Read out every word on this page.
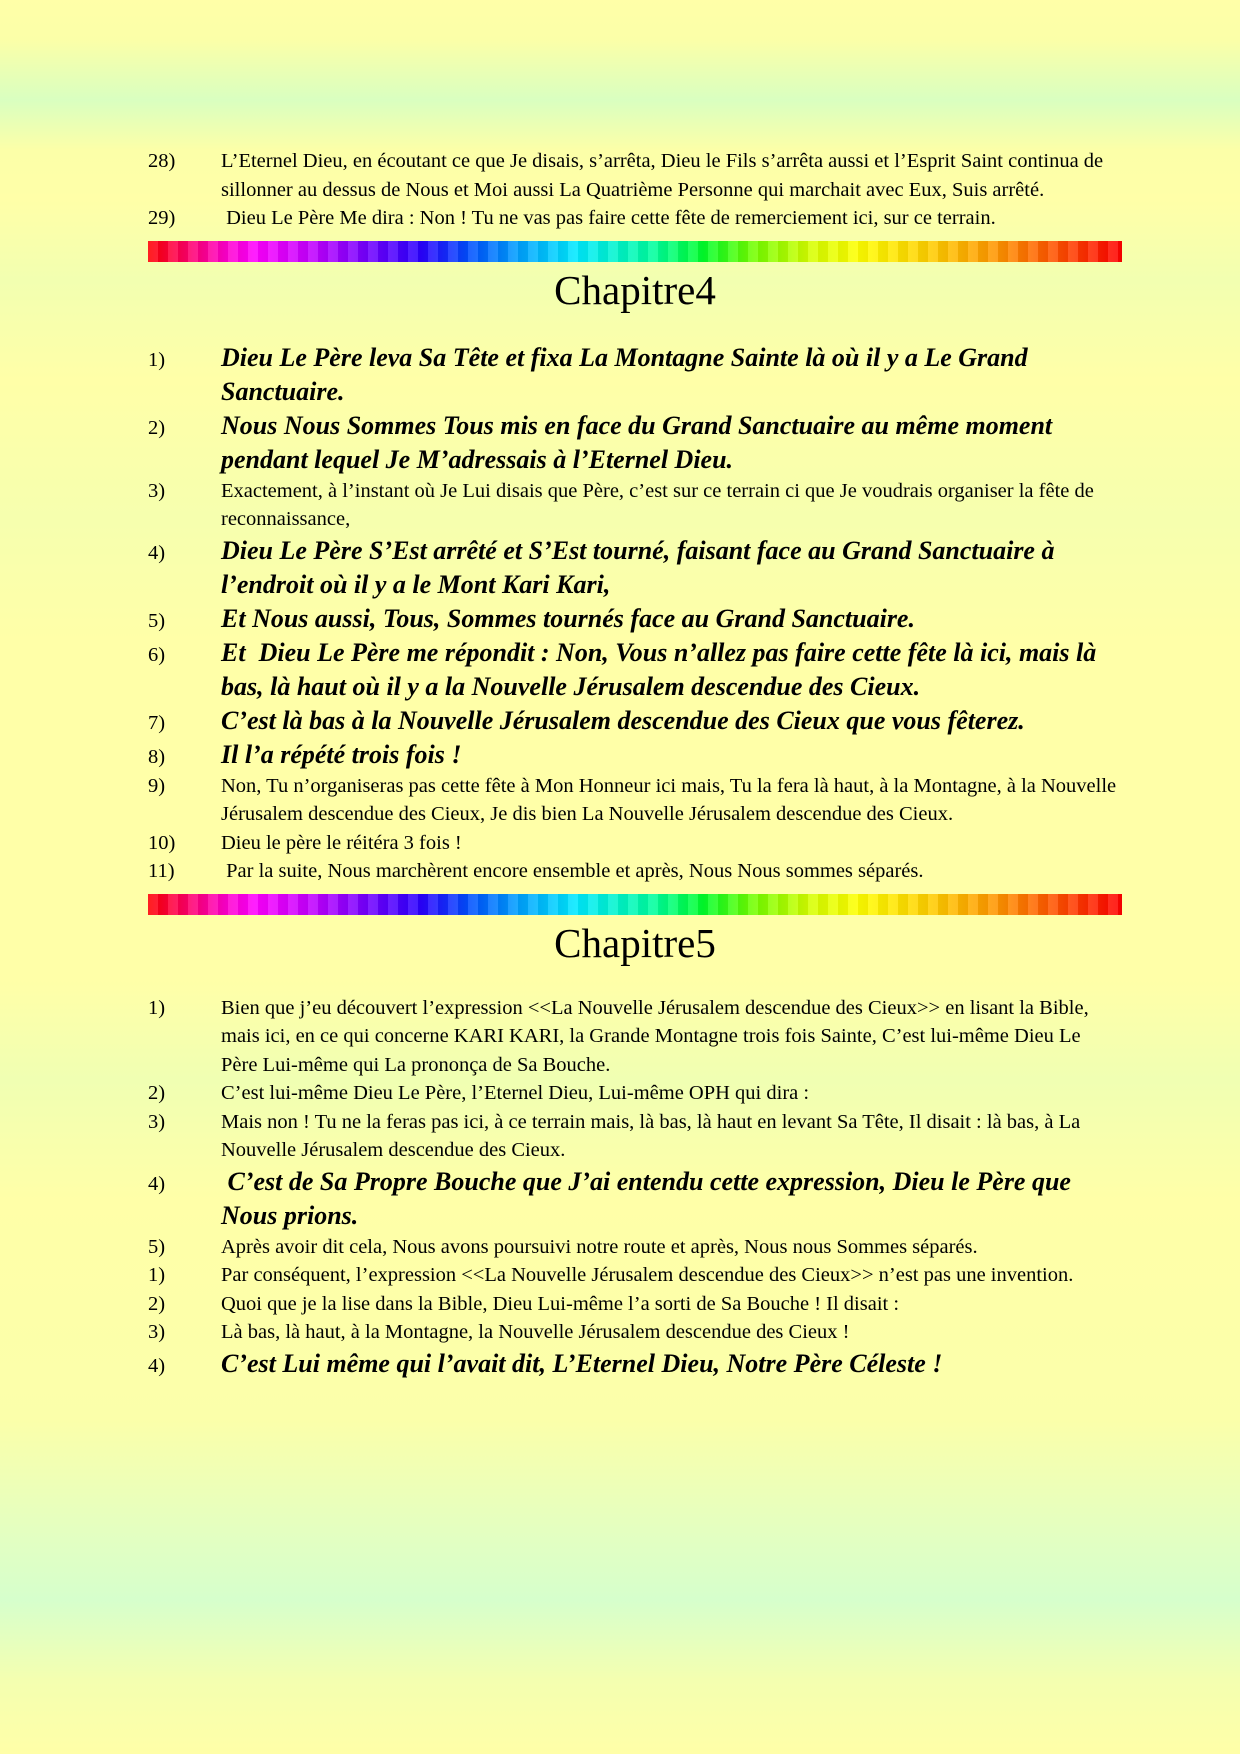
28) L’Eternel Dieu, en écoutant ce que Je disais, s’arrêta, Dieu le Fils s’arrêta aussi et l’Esprit Saint continua de sillonner au dessus de Nous et Moi aussi La Quatrième Personne qui marchait avec Eux, Suis arrêté.

29) Dieu Le Père Me dira : Non ! Tu ne vas pas faire cette fête de remerciement ici, sur ce terrain.

Chapitre4

1) Dieu Le Père leva Sa Tête et fixa La Montagne Sainte là où il y a Le Grand Sanctuaire.

2) Nous Nous Sommes Tous mis en face du Grand Sanctuaire au même moment pendant lequel Je M’adressais à l’Eternel Dieu.

3)	Exactement, à l’instant où Je Lui disais que Père, c’est sur ce terrain ci que Je voudrais organiser la fête de reconnaissance,

4) Dieu Le Père S’Est arrêté et S’Est tourné, faisant face au Grand Sanctuaire à l’endroit où il y a le Mont Kari Kari,

5) Et Nous aussi, Tous, Sommes tournés face au Grand Sanctuaire.

6) Et  Dieu Le Père me répondit : Non, Vous n’allez pas faire cette fête là ici, mais là bas, là haut où il y a la Nouvelle Jérusalem descendue des Cieux.

7) C’est là bas à la Nouvelle Jérusalem descendue des Cieux que vous fêterez.

8) Il l’a répété trois fois !

9)	Non, Tu n’organiseras pas cette fête à Mon Honneur ici mais, Tu la fera là haut, à la Montagne, à la Nouvelle Jérusalem descendue des Cieux, Je dis bien La Nouvelle Jérusalem descendue des Cieux.

10) Dieu le père le réitéra 3 fois !

11) Par la suite, Nous marchèrent encore ensemble et après, Nous Nous sommes séparés.

Chapitre5

1)	Bien que j’eu découvert l’expression <<La Nouvelle Jérusalem descendue des Cieux>> en lisant la Bible, mais ici, en ce qui concerne KARI KARI, la Grande Montagne trois fois Sainte, C’est lui-même Dieu Le Père Lui-même qui La prononça de Sa Bouche.

2)	C’est lui-même Dieu Le Père, l’Eternel Dieu, Lui-même OPH qui dira :

3)	Mais non ! Tu ne la feras pas ici, à ce terrain mais, là bas, là haut en levant Sa Tête, Il disait : là bas, à La Nouvelle Jérusalem descendue des Cieux.

4) C’est de Sa Propre Bouche que J’ai entendu cette expression, Dieu le Père que Nous prions.

5)	Après avoir dit cela, Nous avons poursuivi notre route et après, Nous nous Sommes séparés.

1)	Par conséquent, l’expression <<La Nouvelle Jérusalem descendue des Cieux>> n’est pas une invention.

2)	Quoi que je la lise dans la Bible, Dieu Lui-même l’a sorti de Sa Bouche ! Il disait :

3)	Là bas, là haut, à la Montagne, la Nouvelle Jérusalem descendue des Cieux !

4) C’est Lui même qui l’avait dit, L’Eternel Dieu, Notre Père Céleste !
